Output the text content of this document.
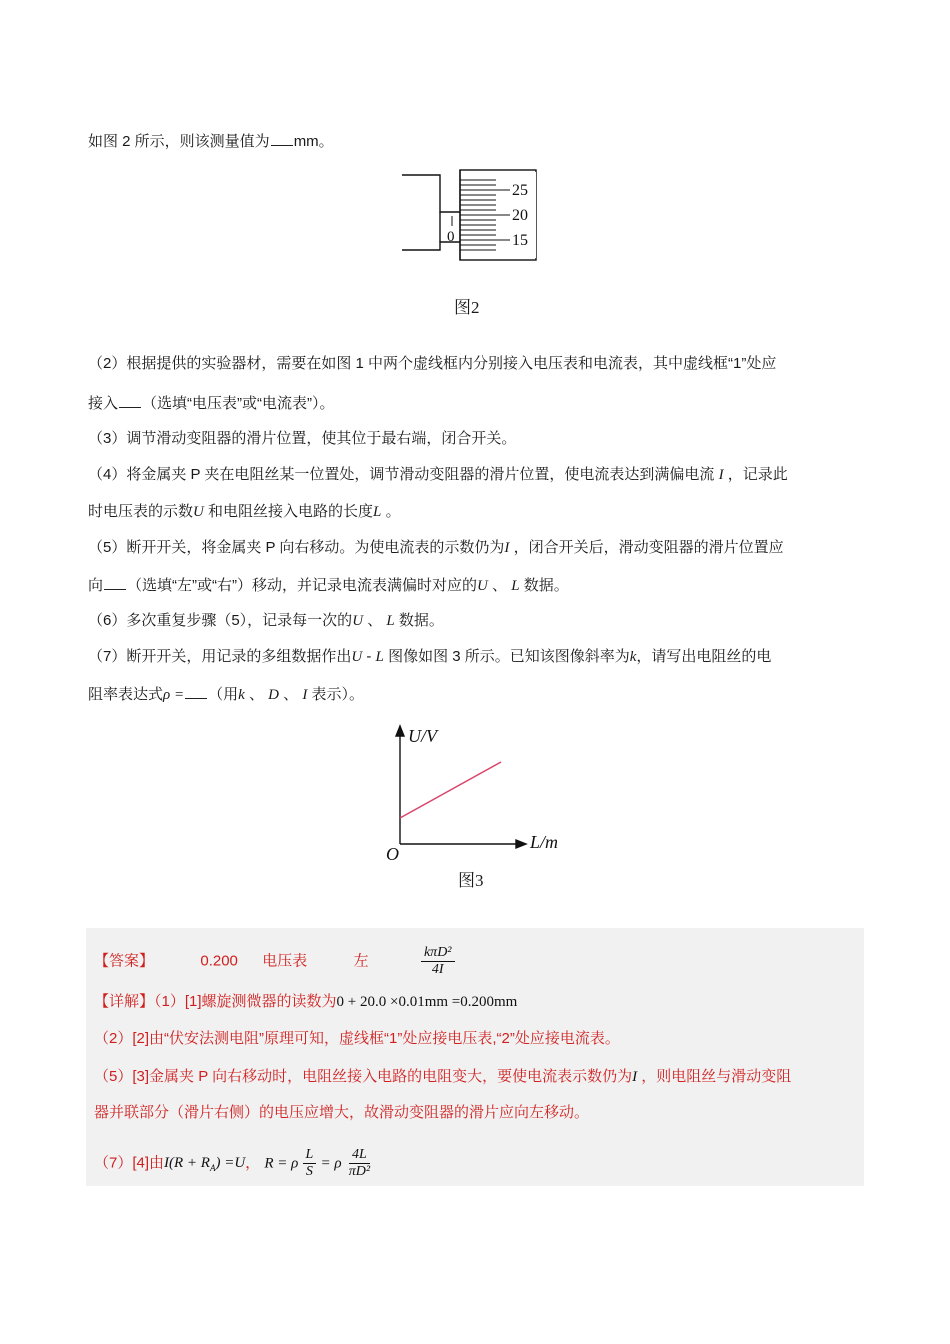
如图 2 所示，则该测量值为 mm。
25
20
15
0
图2
（2）根据提供的实验器材，需要在如图 1 中两个虚线框内分别接入电压表和电流表，其中虚线框“1”处应
接入 （选填“电压表”或“电流表”）。
（3）调节滑动变阻器的滑片位置，使其位于最右端，闭合开关。
（4）将金属夹 P 夹在电阻丝某一位置处，调节滑动变阻器的滑片位置，使电流表达到满偏电流 I ，记录此
时电压表的示数U 和电阻丝接入电路的长度L 。
（5）断开开关，将金属夹 P 向右移动。为使电流表的示数仍为I ，闭合开关后，滑动变阻器的滑片位置应
向 （选填“左”或“右”）移动，并记录电流表满偏时对应的U 、 L 数据。
（6）多次重复步骤（5），记录每一次的U 、 L 数据。
（7）断开开关，用记录的多组数据作出U - L 图像如图 3 所示。已知该图像斜率为k，请写出电阻丝的电
阻率表达式ρ = （用k 、 D 、 I 表示）。
U/V
L/m
O
图3
【答案】	0.200 电压表	左	$\frac{\text{kπD²}}{4I}$
【详解】（1）[1]螺旋测微器的读数为0 + 20.0 ×0.01mm =0.200mm
（2）[2]由“伏安法测电阻”原理可知，虚线框“1”处应接电压表,“2”处应接电流表。
（5）[3]金属夹 P 向右移动时，电阻丝接入电路的电阻变大，要使电流表示数仍为I ，则电阻丝与滑动变阻
器并联部分（滑片右侧）的电压应增大，故滑动变阻器的滑片应向左移动。
（7）[4]由$I(R + R_A) =U$， R = ρ $\frac{L}{S} = \rho \frac{4L}{\text{πD²}}$
